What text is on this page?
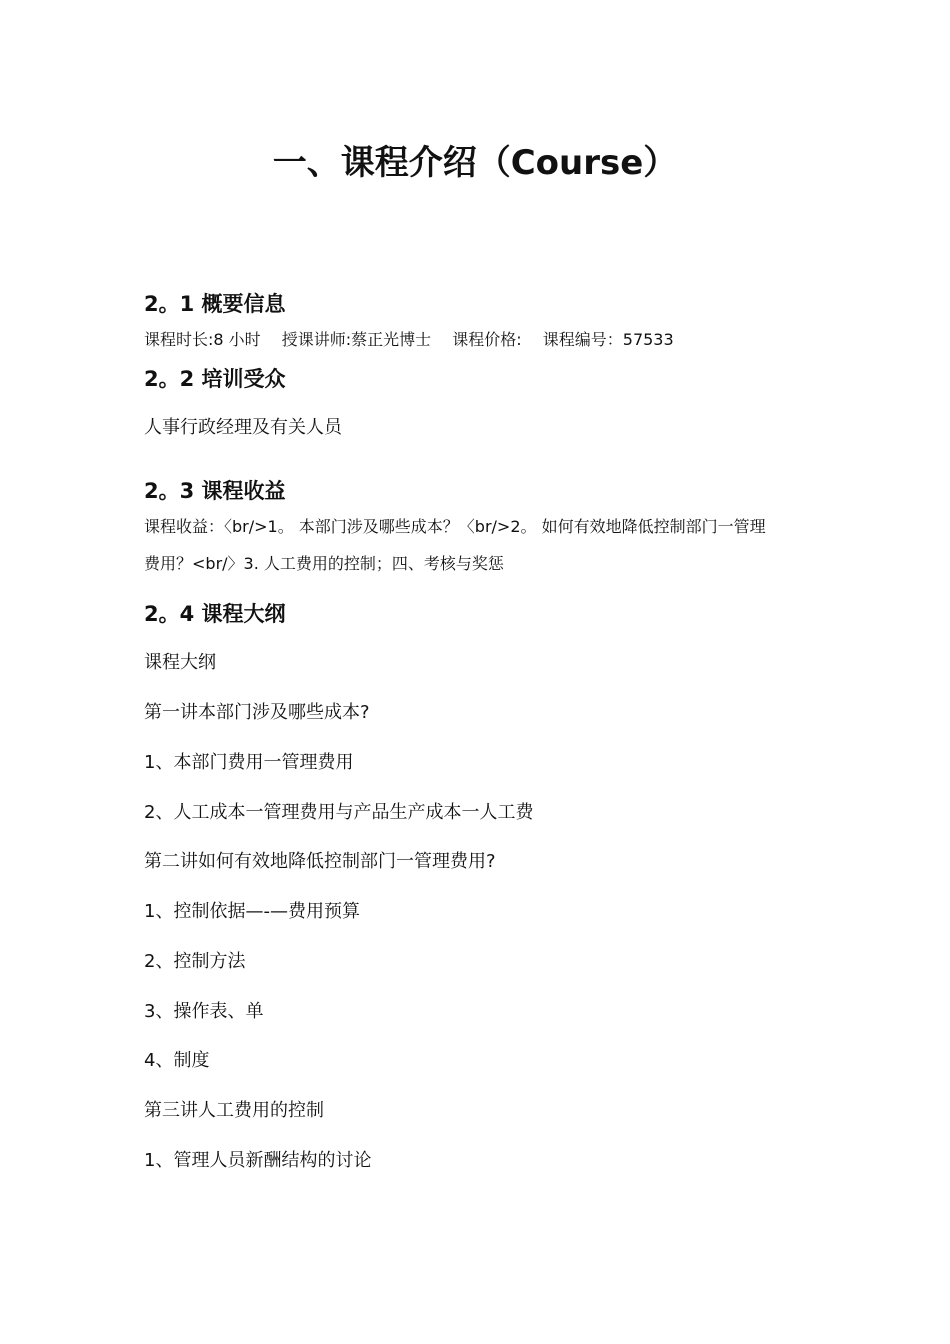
一、课程介绍（Course）
2。1 概要信息
课程时长:8 小时 授课讲师:蔡正光博士 课程价格: 课程编号：57533
2。2 培训受众
人事行政经理及有关人员
2。3 课程收益
课程收益：〈br/>1。 本部门涉及哪些成本？〈br/>2。 如何有效地降低控制部门一管理
费用？<br/〉3. 人工费用的控制；四、考核与奖惩
2。4 课程大纲
课程大纲
第一讲本部门涉及哪些成本?
1、本部门费用一管理费用
2、人工成本一管理费用与产品生产成本一人工费
第二讲如何有效地降低控制部门一管理费用?
1、控制依据—-—费用预算
2、控制方法
3、操作表、单
4、制度
第三讲人工费用的控制
1、管理人员新酬结构的讨论
